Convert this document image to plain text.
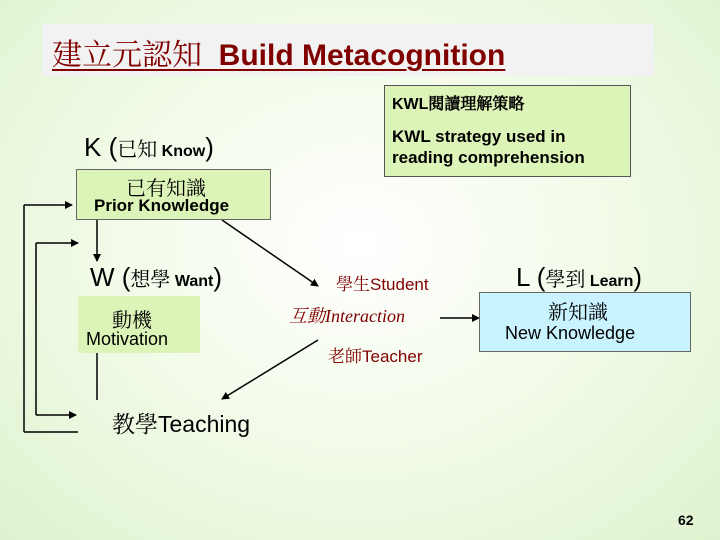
建立元認知 Build Metacognition
KWL閱讀理解策略
KWL strategy used in reading comprehension
K (已知 Know)
已有知識
Prior Knowledge
W (想學 Want)
動機
Motivation
L (學到 Learn)
新知識
New Knowledge
學生Student
互動Interaction
老師Teacher
教學Teaching
62
